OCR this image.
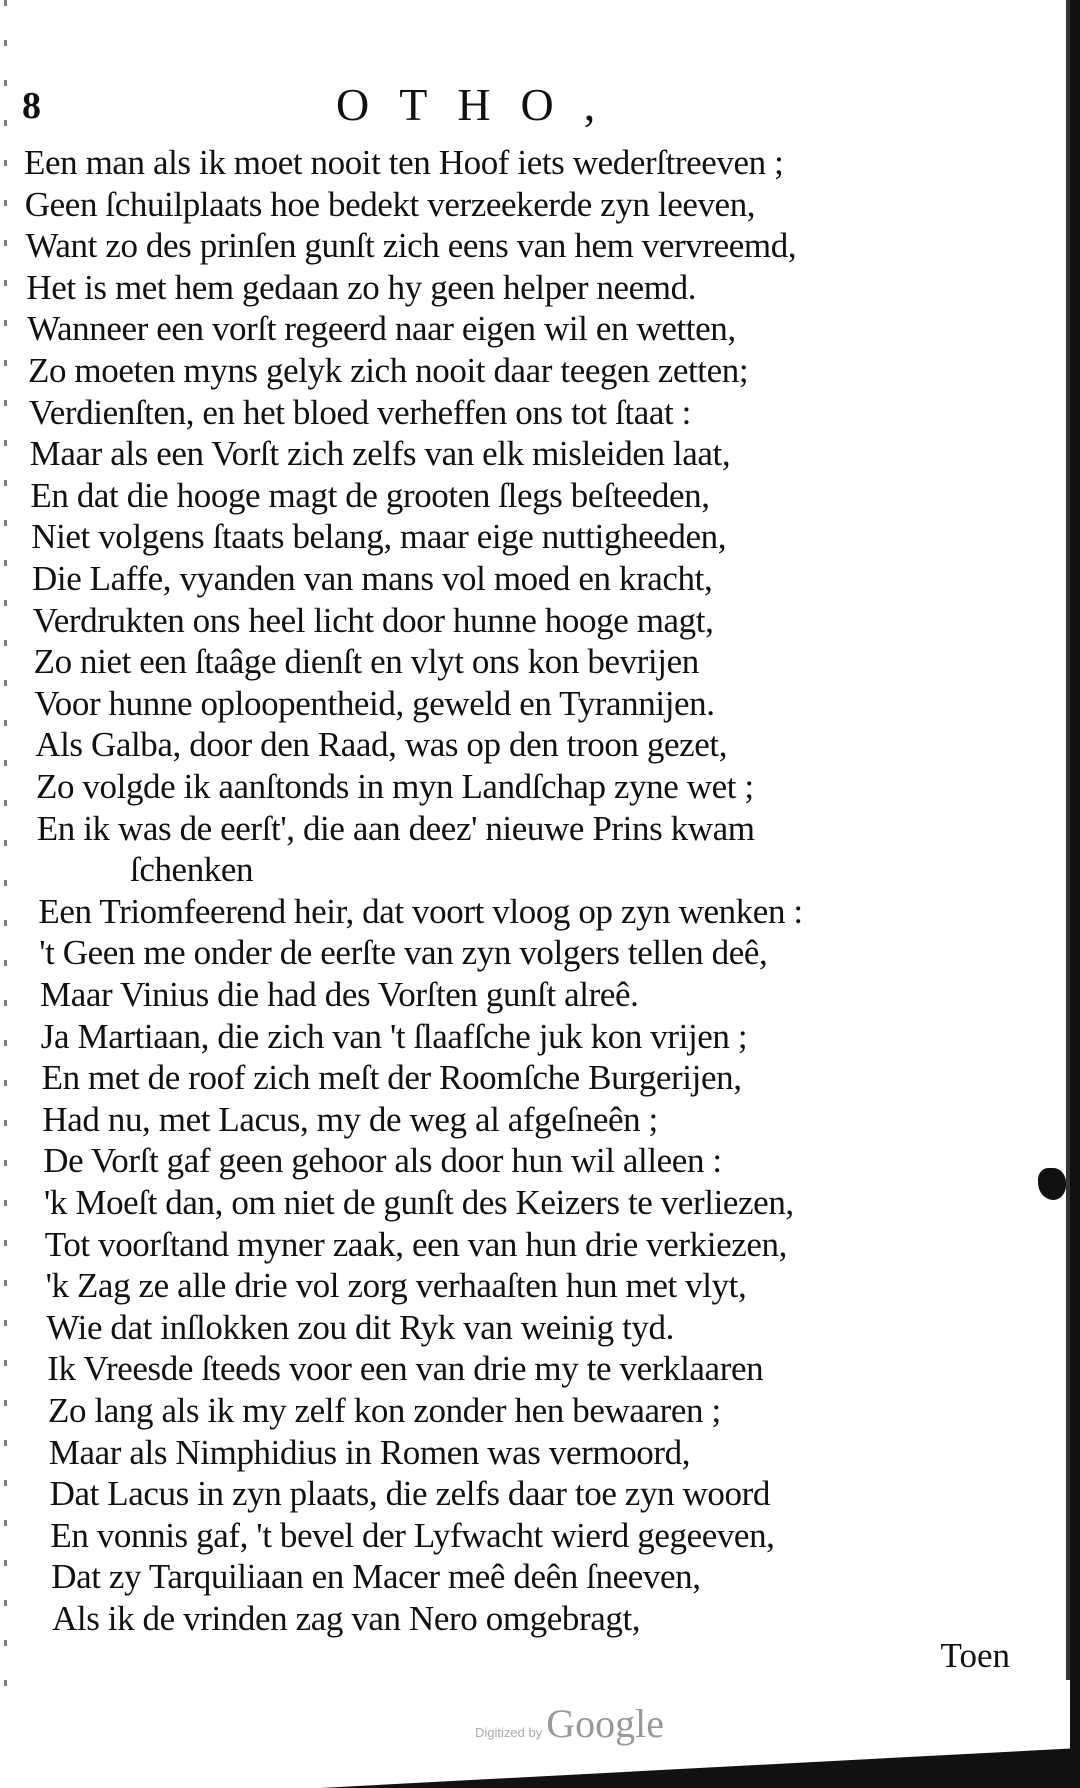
8	OTHO,
Een man als ik moet nooit ten Hoof iets wederſtreeven ;
Geen ſchuilplaats hoe bedekt verzeekerde zyn leeven,
Want zo des prinſen gunſt zich eens van hem vervreemd,
Het is met hem gedaan zo hy geen helper neemd.
Wanneer een vorſt regeerd naar eigen wil en wetten,
Zo moeten myns gelyk zich nooit daar teegen zetten;
Verdienſten, en het bloed verheffen ons tot ſtaat :
Maar als een Vorſt zich zelfs van elk misleiden laat,
En dat die hooge magt de grooten ſlegs beſteeden,
Niet volgens ſtaats belang, maar eige nuttigheeden,
Die Laffe, vyanden van mans vol moed en kracht,
Verdrukten ons heel licht door hunne hooge magt,
Zo niet een ſtaâge dienſt en vlyt ons kon bevrijen
Voor hunne oploopentheid, geweld en Tyrannijen.
Als Galba, door den Raad, was op den troon gezet,
Zo volgde ik aanſtonds in myn Landſchap zyne wet ;
En ik was de eerſt', die aan deez' nieuwe Prins kwam
ſchenken
Een Triomfeerend heir, dat voort vloog op zyn wenken :
't Geen me onder de eerſte van zyn volgers tellen deê,
Maar Vinius die had des Vorſten gunſt alreê.
Ja Martiaan, die zich van 't ſlaafſche juk kon vrijen ;
En met de roof zich meſt der Roomſche Burgerijen,
Had nu, met Lacus, my de weg al afgeſneên ;
De Vorſt gaf geen gehoor als door hun wil alleen :
'k Moeſt dan, om niet de gunſt des Keizers te verliezen,
Tot voorſtand myner zaak, een van hun drie verkiezen,
'k Zag ze alle drie vol zorg verhaaſten hun met vlyt,
Wie dat inſlokken zou dit Ryk van weinig tyd.
Ik Vreesde ſteeds voor een van drie my te verklaaren
Zo lang als ik my zelf kon zonder hen bewaaren ;
Maar als Nimphidius in Romen was vermoord,
Dat Lacus in zyn plaats, die zelfs daar toe zyn woord
En vonnis gaf, 't bevel der Lyfwacht wierd gegeeven,
Dat zy Tarquiliaan en Macer meê deên ſneeven,
Als ik de vrinden zag van Nero omgebragt,
Toen
Digitized by Google
